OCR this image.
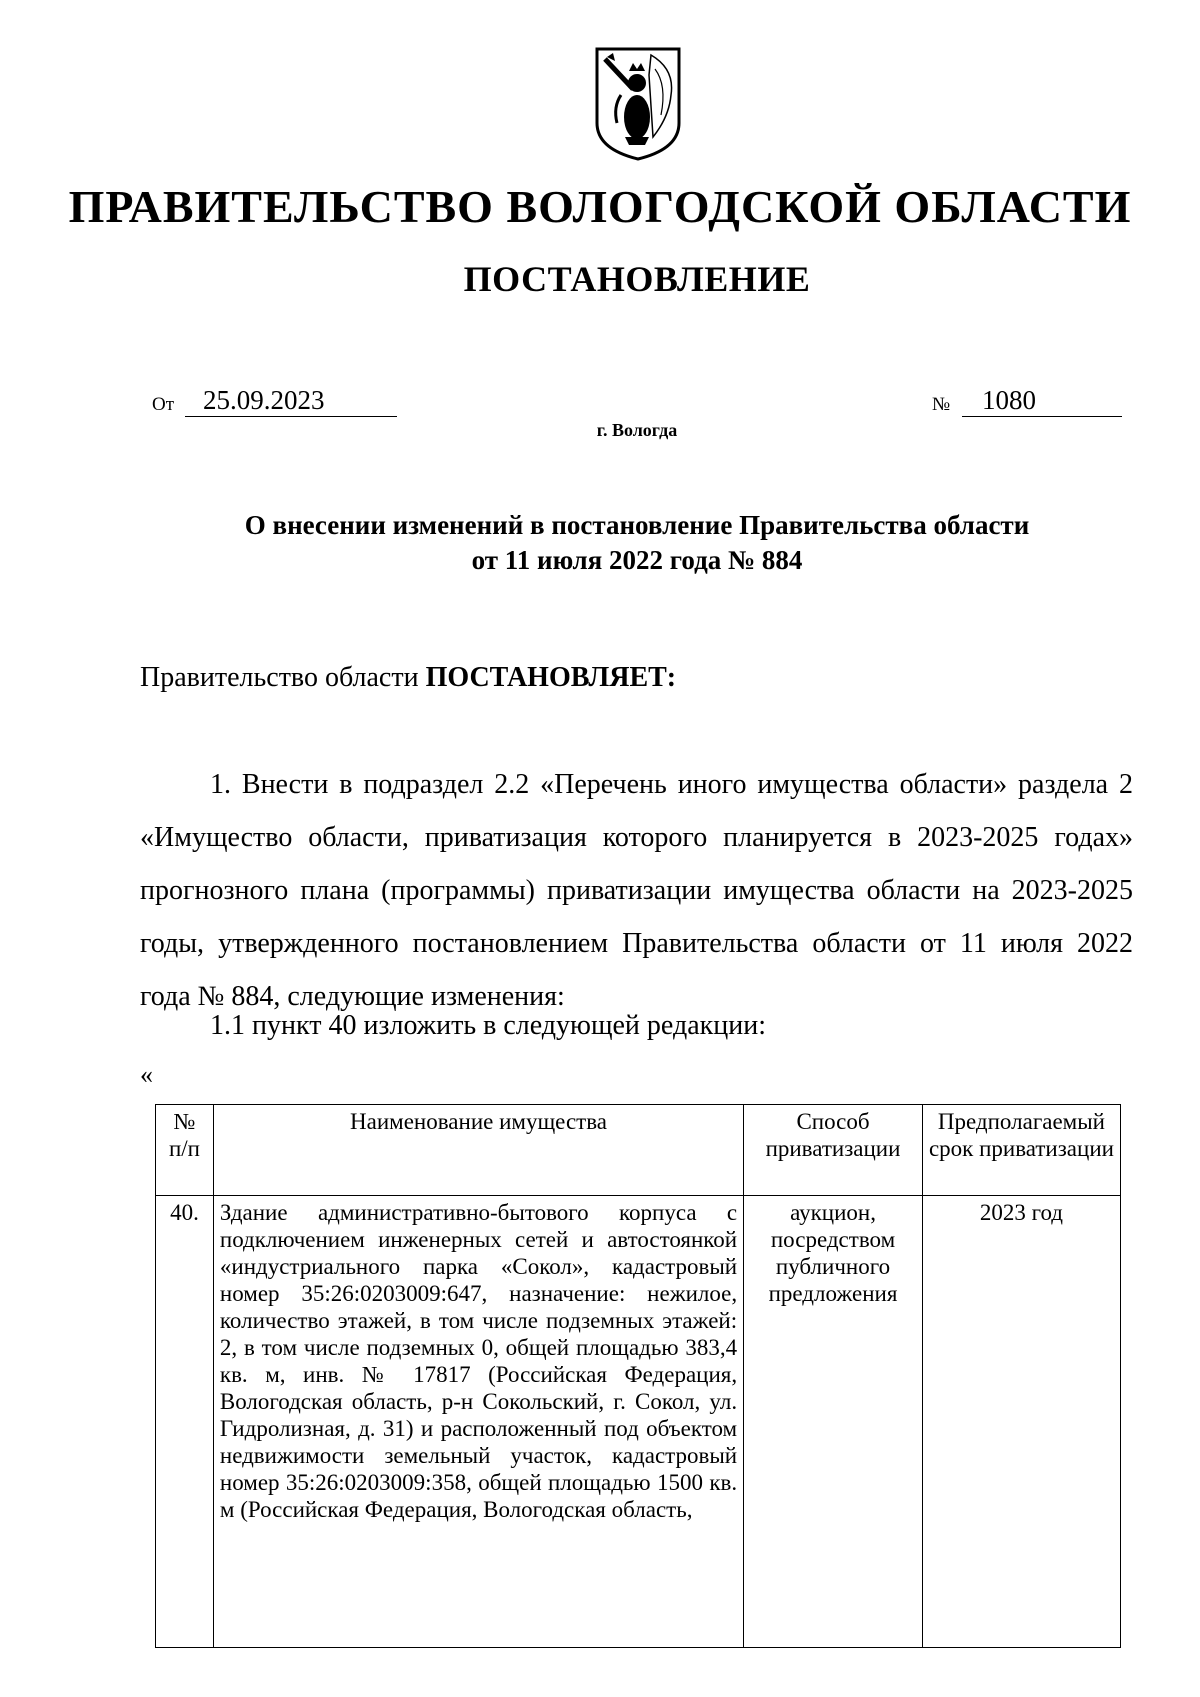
ПРАВИТЕЛЬСТВО ВОЛОГОДСКОЙ ОБЛАСТИ
ПОСТАНОВЛЕНИЕ
От	25.09.2023	№	1080
г. Вологда
О внесении изменений в постановление Правительства области
от 11 июля 2022 года № 884
Правительство области ПОСТАНОВЛЯЕТ:

1. Внести в подраздел 2.2 «Перечень иного имущества области» раздела 2 «Имущество области, приватизация которого планируется в 2023-2025 годах» прогнозного плана (программы) приватизации имущества области на 2023-2025 годы, утвержденного постановлением Правительства области от 11 июля 2022 года № 884, следующие изменения:

1.1 пункт 40 изложить в следующей редакции:
«
№ п/п	Наименование имущества	Способ приватизации	Предполагаемый срок приватизации
40.	Здание административно-бытового корпуса с подключением инженерных сетей и автостоянкой «индустриального парка «Сокол», кадастровый номер 35:26:0203009:647, назначение: нежилое, количество этажей, в том числе подземных этажей: 2, в том числе подземных 0, общей площадью 383,4 кв. м, инв. № 17817 (Российская Федерация, Вологодская область, р-н Сокольский, г. Сокол, ул. Гидролизная, д. 31) и расположенный под объектом недвижимости земельный участок, кадастровый номер 35:26:0203009:358, общей площадью 1500 кв. м (Российская Федерация, Вологодская область,	аукцион, посредством публичного предложения	2023 год
